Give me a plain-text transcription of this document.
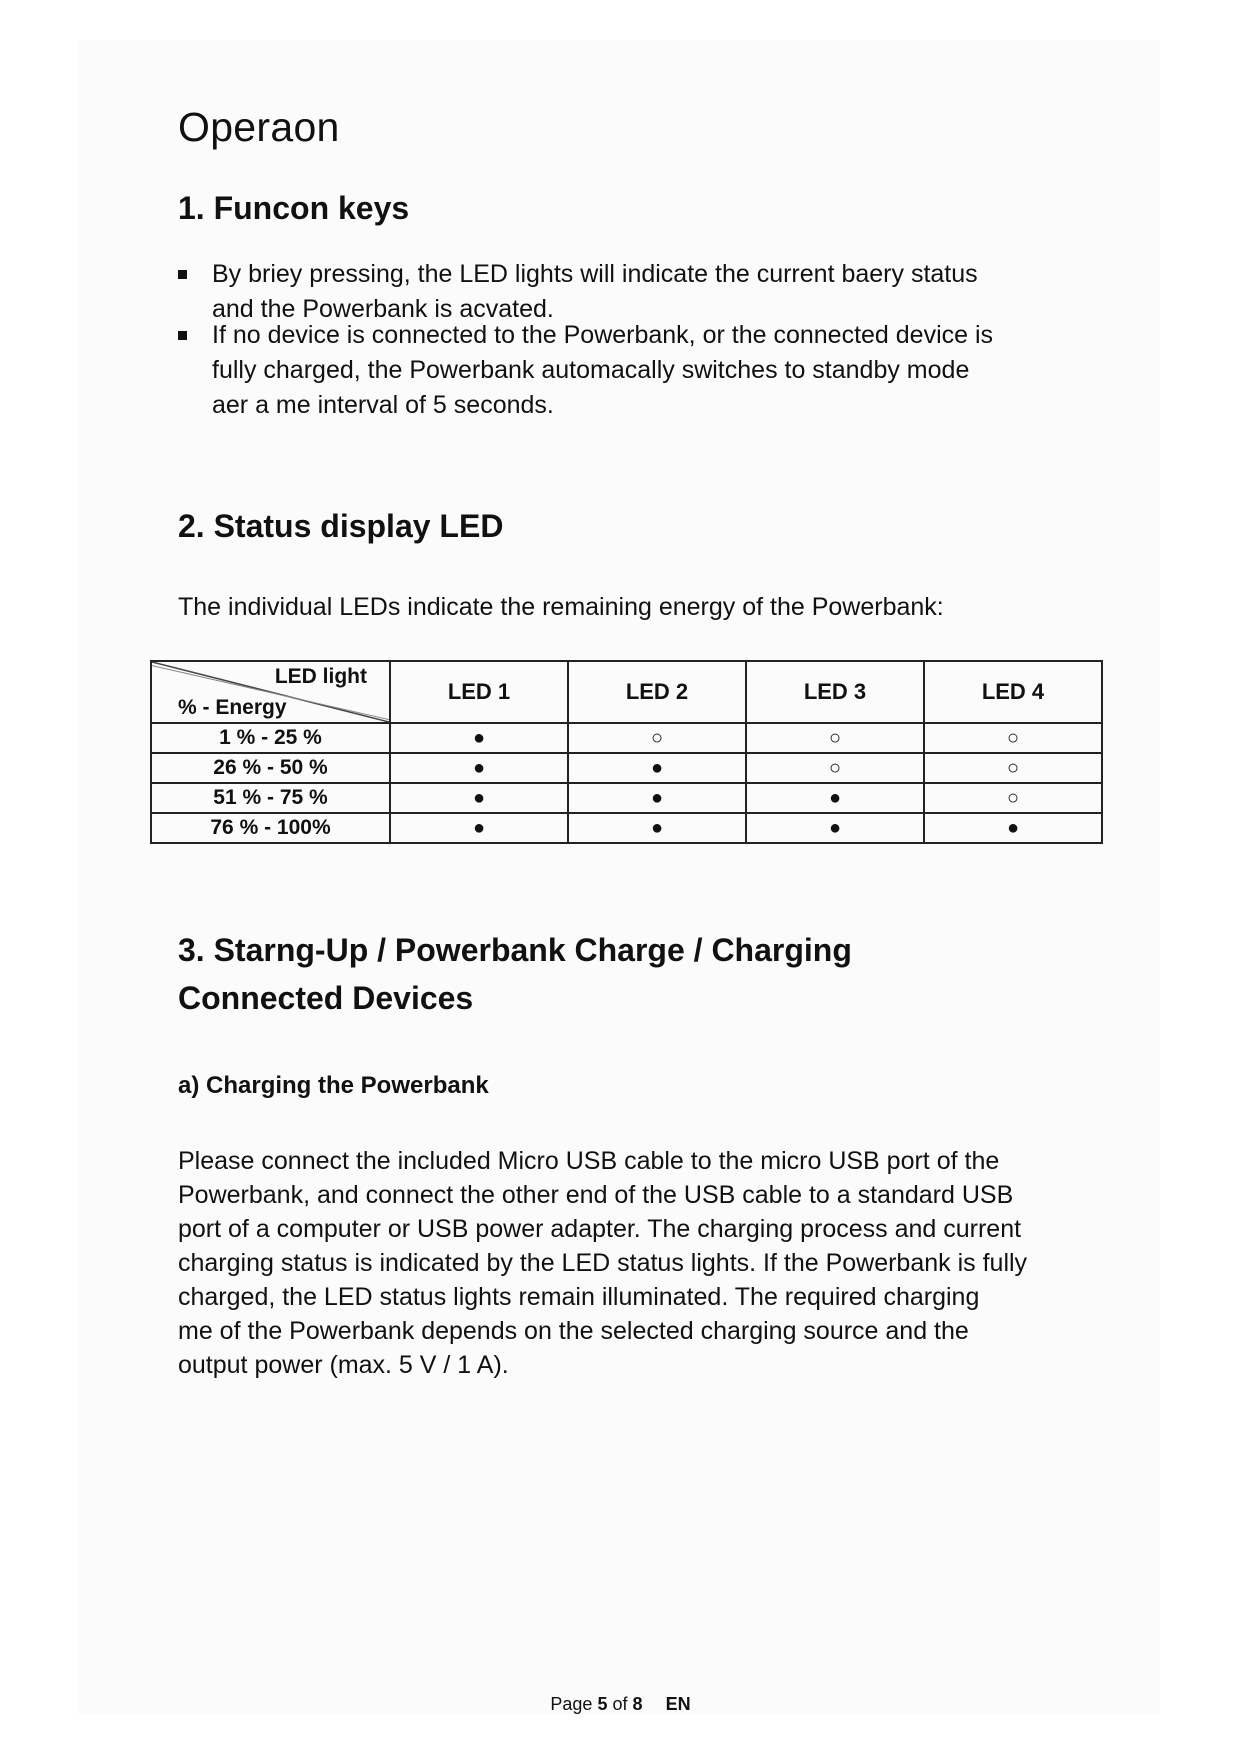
Operaon
1. Funcon keys
By briey pressing, the LED lights will indicate the current baery status
and the Powerbank is acvated.
If no device is connected to the Powerbank, or the connected device is
fully charged, the Powerbank automacally switches to standby mode
aer a me interval of 5 seconds.
2. Status display LED

The individual LEDs indicate the remaining energy of the Powerbank:

LED light
% - Energy	LED 1	LED 2	LED 3	LED 4
1 % - 25 %	●	○	○	○
26 % - 50 %	●	●	○	○
51 % - 75 %	●	●	●	○
76 % - 100%	●	●	●	●
3. Starng-Up / Powerbank Charge / Charging
Connected Devices
a) Charging the Powerbank

Please connect the included Micro USB cable to the micro USB port of the

Powerbank, and connect the other end of the USB cable to a standard USB

port of a computer or USB power adapter. The charging process and current

charging status is indicated by the LED status lights. If the Powerbank is fully

charged, the LED status lights remain illuminated. The required charging

me of the Powerbank depends on the selected charging source and the

output power (max. 5 V / 1 A).

Page 5 of 8 EN
